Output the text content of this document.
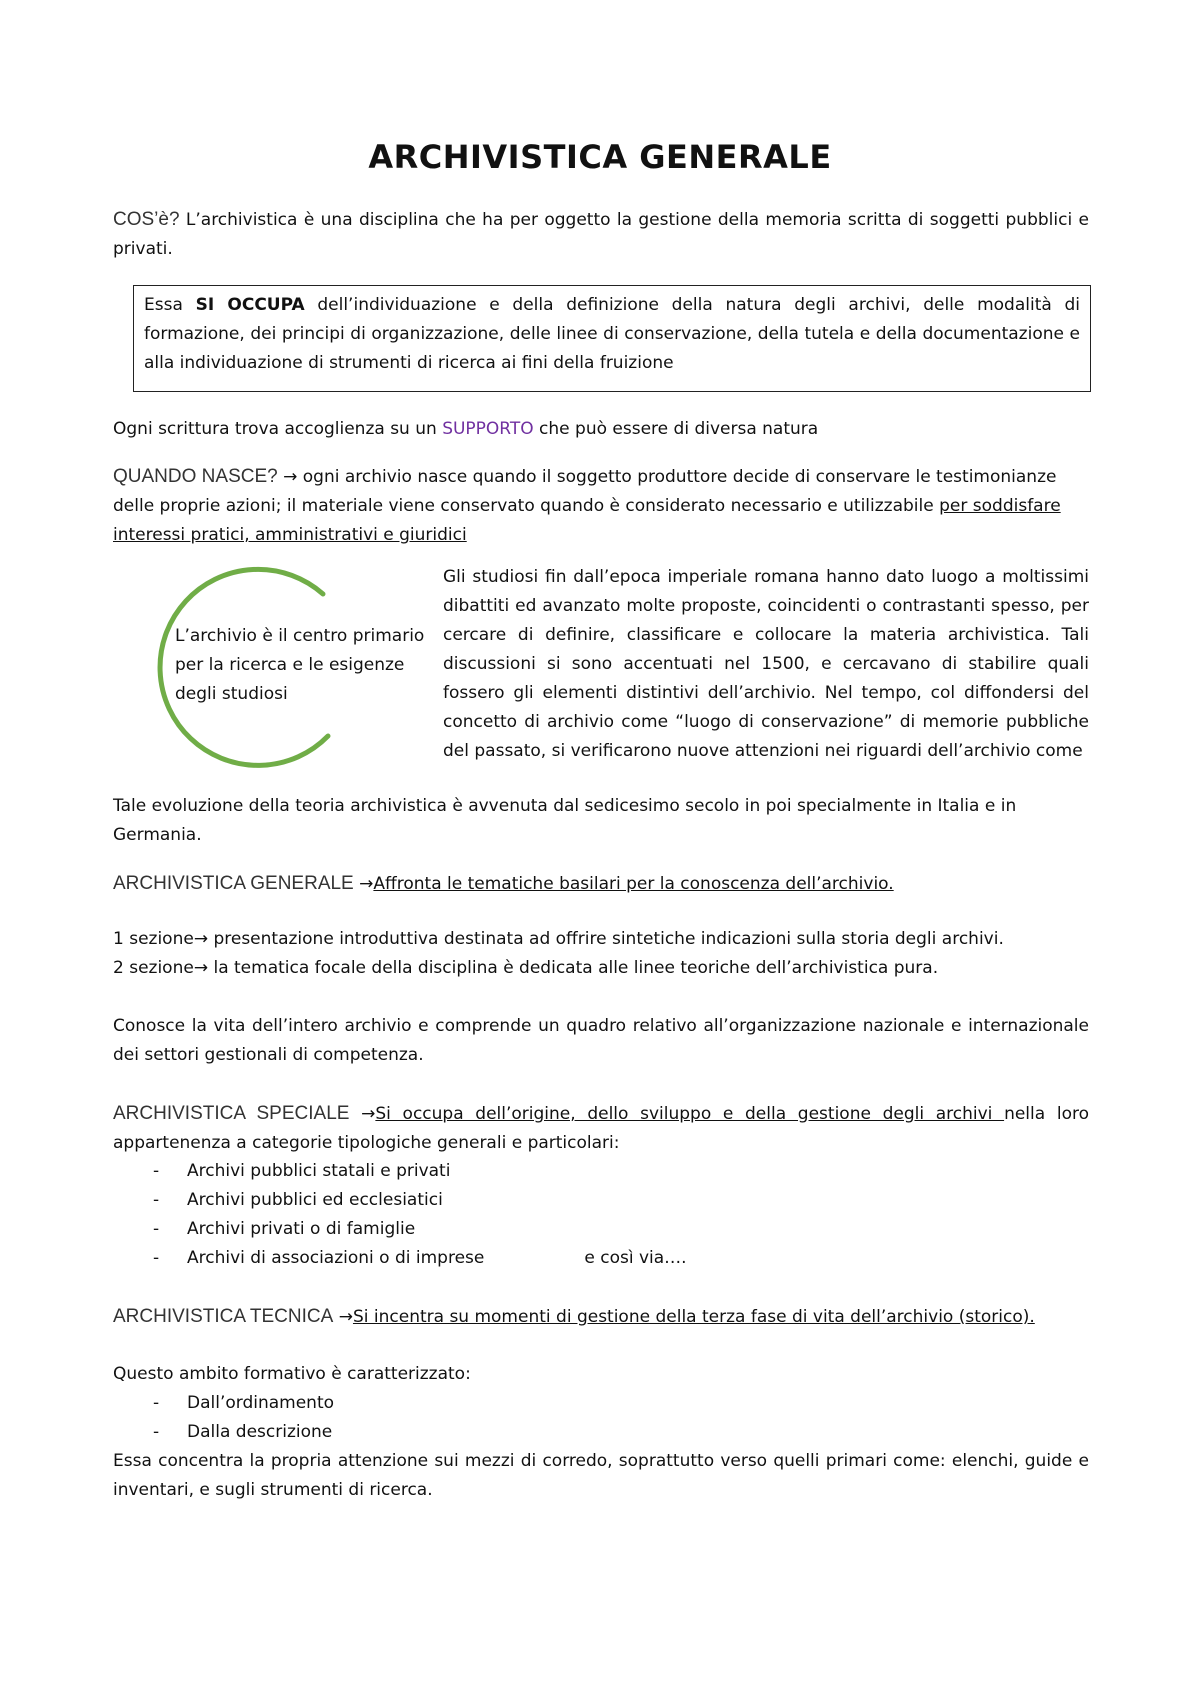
ARCHIVISTICA GENERALE
COS’è? L’archivistica è una disciplina che ha per oggetto la gestione della memoria scritta di soggetti pubblici e privati.
Essa SI OCCUPA dell’individuazione e della definizione della natura degli archivi, delle modalità di formazione, dei principi di organizzazione, delle linee di conservazione, della tutela e della documentazione e alla individuazione di strumenti di ricerca ai fini della fruizione
Ogni scrittura trova accoglienza su un SUPPORTO che può essere di diversa natura
QUANDO NASCE? → ogni archivio nasce quando il soggetto produttore decide di conservare le testimonianze delle proprie azioni; il materiale viene conservato quando è considerato necessario e utilizzabile per soddisfare interessi pratici, amministrativi e giuridici
L’archivio è il centro primario per la ricerca e le esigenze degli studiosi
Gli studiosi fin dall’epoca imperiale romana hanno dato luogo a moltissimi dibattiti ed avanzato molte proposte, coincidenti o contrastanti spesso, per cercare di definire, classificare e collocare la materia archivistica. Tali discussioni si sono accentuati nel 1500, e cercavano di stabilire quali fossero gli elementi distintivi dell’archivio. Nel tempo, col diffondersi del concetto di archivio come “luogo di conservazione” di memorie pubbliche del passato, si verificarono nuove attenzioni nei riguardi dell’archivio come
Tale evoluzione della teoria archivistica è avvenuta dal sedicesimo secolo in poi specialmente in Italia e in Germania.
ARCHIVISTICA GENERALE →Affronta le tematiche basilari per la conoscenza dell’archivio.
1 sezione→ presentazione introduttiva destinata ad offrire sintetiche indicazioni sulla storia degli archivi.
2 sezione→ la tematica focale della disciplina è dedicata alle linee teoriche dell’archivistica pura.
Conosce la vita dell’intero archivio e comprende un quadro relativo all’organizzazione nazionale e internazionale dei settori gestionali di competenza.
ARCHIVISTICA SPECIALE →Si occupa dell’origine, dello sviluppo e della gestione degli archivi nella loro appartenenza a categorie tipologiche generali e particolari:
- Archivi pubblici statali e privati
- Archivi pubblici ed ecclesiatici
- Archivi privati o di famiglie
- Archivi di associazioni o di imprese	e così via….
ARCHIVISTICA TECNICA →Si incentra su momenti di gestione della terza fase di vita dell’archivio (storico).
Questo ambito formativo è caratterizzato:
- Dall’ordinamento
- Dalla descrizione
Essa concentra la propria attenzione sui mezzi di corredo, soprattutto verso quelli primari come: elenchi, guide e inventari, e sugli strumenti di ricerca.
